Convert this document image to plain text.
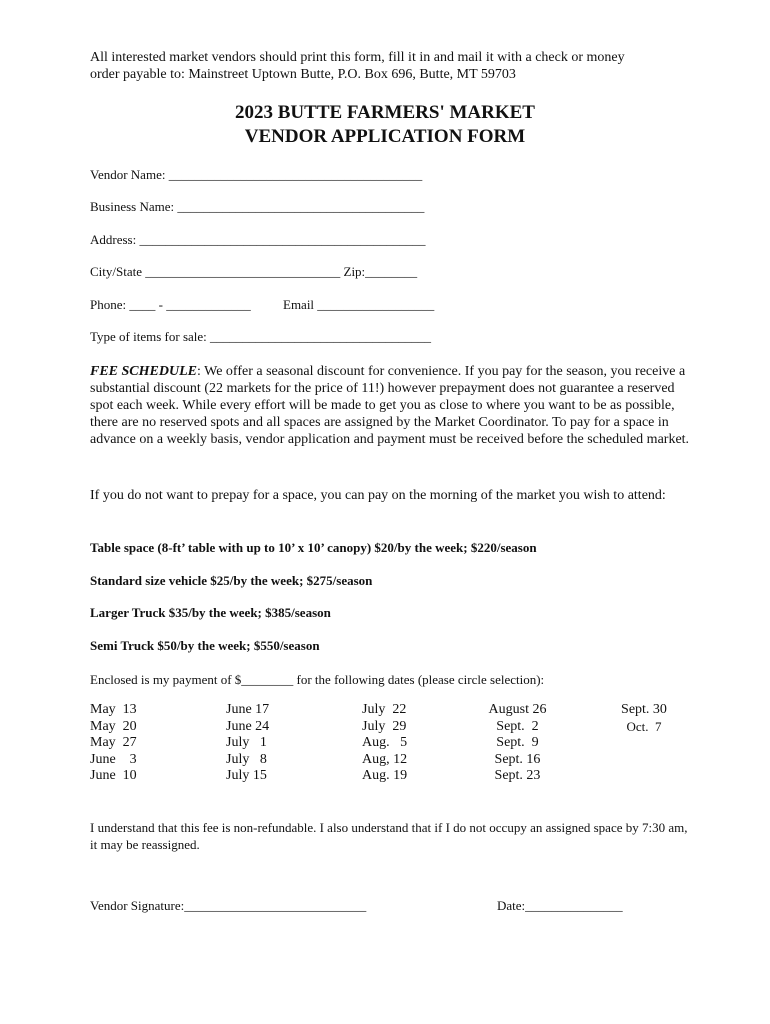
All interested market vendors should print this form, fill it in and mail it with a check or money
order payable to: Mainstreet Uptown Butte, P.O. Box 696, Butte, MT 59703
2023 BUTTE FARMERS' MARKET
VENDOR APPLICATION FORM
Vendor Name: _______________________________________
Business Name: ______________________________________
Address: ____________________________________________
City/State ______________________________ Zip:________
Phone: ____ - _____________ Email __________________
Type of items for sale: __________________________________
FEE SCHEDULE: We offer a seasonal discount for convenience. If you pay for the season, you receive a substantial discount (22 markets for the price of 11!) however prepayment does not guarantee a reserved spot each week. While every effort will be made to get you as close to where you want to be as possible, there are no reserved spots and all spaces are assigned by the Market Coordinator. To pay for a space in advance on a weekly basis, vendor application and payment must be received before the scheduled market.
If you do not want to prepay for a space, you can pay on the morning of the market you wish to attend:
Table space (8-ft’ table with up to 10’ x 10’ canopy) $20/by the week; $220/season
Standard size vehicle $25/by the week; $275/season
Larger Truck $35/by the week; $385/season
Semi Truck $50/by the week; $550/season
Enclosed is my payment of $________ for the following dates (please circle selection):
May  13
May  20
May  27
June    3
June  10
June 17
June 24
July   1
July   8
July 15
July  22
July  29
Aug.   5
Aug, 12
Aug. 19
August 26
Sept.  2
Sept.  9
Sept. 16
Sept. 23
Sept. 30
Oct.  7
I understand that this fee is non-refundable. I also understand that if I do not occupy an assigned space by 7:30 am, it may be reassigned.
Vendor Signature:____________________________	Date:_______________
